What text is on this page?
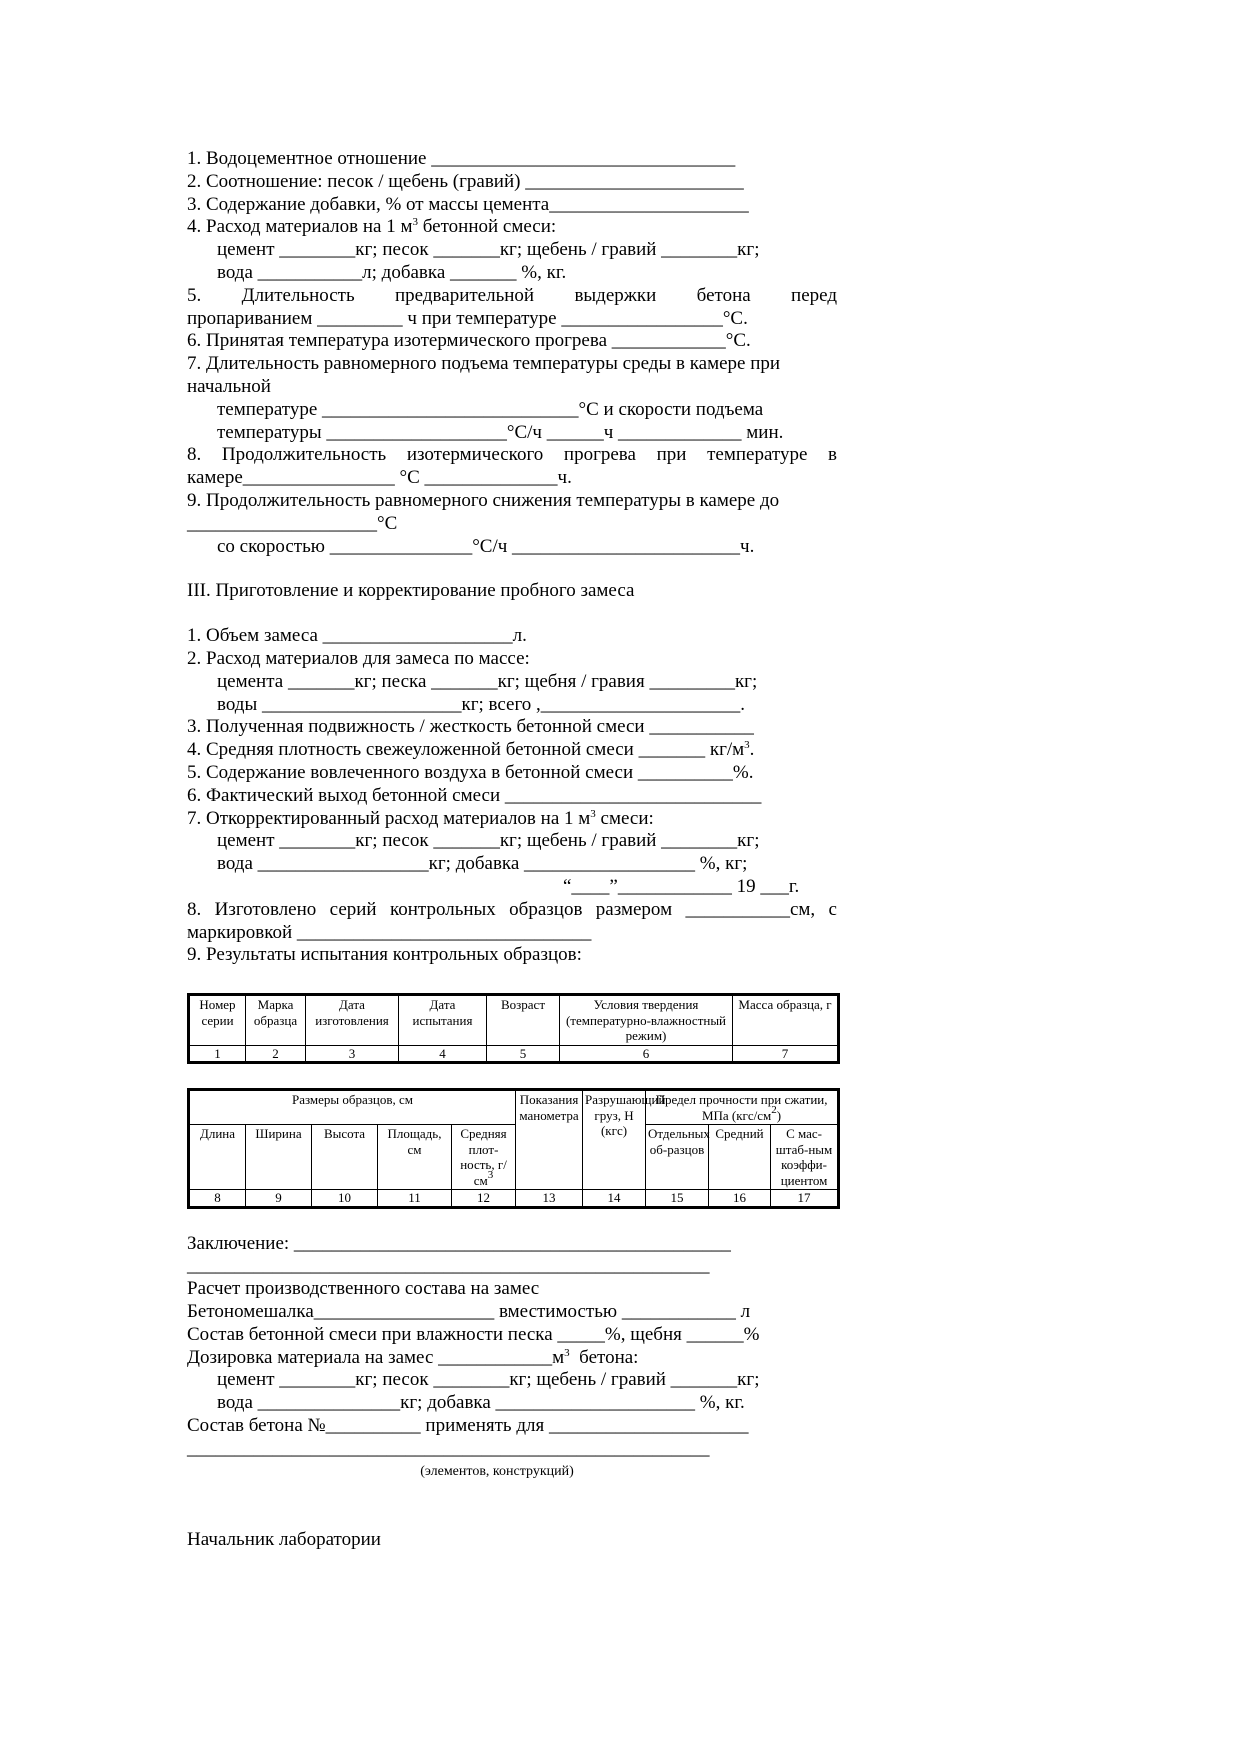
1. Водоцементное отношение ________________________________
2. Соотношение: песок / щебень (гравий) _______________________
3. Содержание добавки, % от массы цемента_____________________
4. Расход материалов на 1 $м^3$ бетонной смеси:
цемент ________кг; песок _______кг; щебень / гравий ________кг;
вода ___________л; добавка _______ %, кг.
5. Длительность предварительной выдержки бетона перед
пропариванием _________ ч при температуре _________________°С.
6. Принятая температура изотермического прогрева ____________°С.
7. Длительность равномерного подъема температуры среды в камере при
начальной
температуре ___________________________°С и скорости подъема
температуры ___________________°С/ч ______ч _____________ мин.
8. Продолжительность изотермического прогрева при температуре в
камере________________ °С ______________ч.
9. Продолжительность равномерного снижения температуры в камере до
____________________°С
со скоростью _______________°С/ч ________________________ч.
III. Приготовление и корректирование пробного замеса
1. Объем замеса ____________________л.
2. Расход материалов для замеса по массе:
цемента _______кг; песка _______кг; щебня / гравия _________кг;
воды _____________________кг; всего ,_____________________.
3. Полученная подвижность / жесткость бетонной смеси ___________
4. Средняя плотность свежеуложенной бетонной смеси _______ $кг/м^3$.
5. Содержание вовлеченного воздуха в бетонной смеси __________%.
6. Фактический выход бетонной смеси ___________________________
7. Откорректированный расход материалов на 1 $м^3$ смеси:
цемент ________кг; песок _______кг; щебень / гравий ________кг;
вода __________________кг; добавка __________________ %, кг;
“____”____________ 19 ___г.
8. Изготовлено серий контрольных образцов размером ___________см, с
маркировкой _______________________________
9. Результаты испытания контрольных образцов:
Номер серии	Марка образца	Дата изготовления	Дата испытания	Возраст	Условия твердения (температурно-влажностный режим)	Масса образца, г
1	2	3	4	5	6	7
Размеры образцов, см					Показания манометра	Разрушающий груз, Н (кгс)	Предел прочности при сжатии, МПа $(кгс/см^2)$		
Длина	Ширина	Высота	Площадь, см	Средняя плот-ность, $г/см^3$			Отдельных об-разцов	Средний	С мас-штаб-ным коэффи-циентом
8	9	10	11	12	13	14	15	16	17
Заключение: ______________________________________________
_______________________________________________________
Расчет производственного состава на замес
Бетономешалка___________________ вместимостью ____________ л
Состав бетонной смеси при влажности песка _____%, щебня ______%
Дозировка материала на замес $\_\_\_\_\_\_\_\_\_\_\_\_м^3$  бетона:
цемент ________кг; песок ________кг; щебень / гравий _______кг;
вода _______________кг; добавка _____________________ %, кг.
Состав бетона №__________ применять для _____________________
_______________________________________________________
(элементов, конструкций)
Начальник лаборатории
